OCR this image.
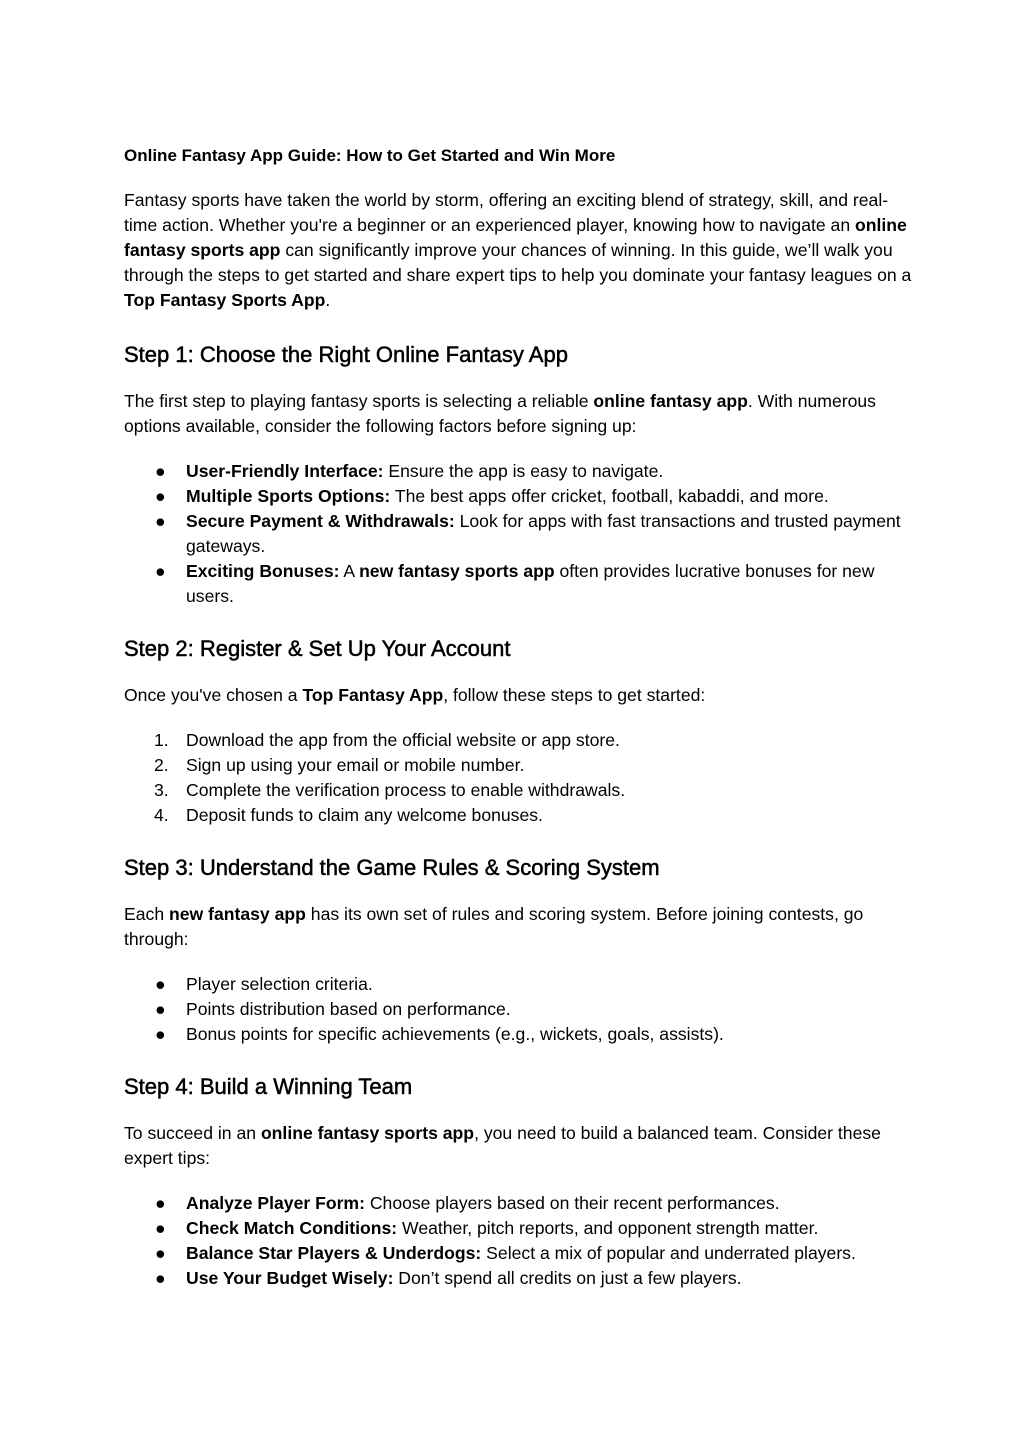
Online Fantasy App Guide: How to Get Started and Win More

Fantasy sports have taken the world by storm, offering an exciting blend of strategy, skill, and real-time action. Whether you're a beginner or an experienced player, knowing how to navigate an online fantasy sports app can significantly improve your chances of winning. In this guide, we’ll walk you through the steps to get started and share expert tips to help you dominate your fantasy leagues on a Top Fantasy Sports App.

Step 1: Choose the Right Online Fantasy App

The first step to playing fantasy sports is selecting a reliable online fantasy app. With numerous options available, consider the following factors before signing up:

● User-Friendly Interface: Ensure the app is easy to navigate.
● Multiple Sports Options: The best apps offer cricket, football, kabaddi, and more.
● Secure Payment & Withdrawals: Look for apps with fast transactions and trusted payment gateways.
● Exciting Bonuses: A new fantasy sports app often provides lucrative bonuses for new users.
Step 2: Register & Set Up Your Account

Once you've chosen a Top Fantasy App, follow these steps to get started:

1. Download the app from the official website or app store.
2. Sign up using your email or mobile number.
3. Complete the verification process to enable withdrawals.
4. Deposit funds to claim any welcome bonuses.
Step 3: Understand the Game Rules & Scoring System

Each new fantasy app has its own set of rules and scoring system. Before joining contests, go through:

● Player selection criteria.
● Points distribution based on performance.
● Bonus points for specific achievements (e.g., wickets, goals, assists).
Step 4: Build a Winning Team

To succeed in an online fantasy sports app, you need to build a balanced team. Consider these expert tips:

● Analyze Player Form: Choose players based on their recent performances.
● Check Match Conditions: Weather, pitch reports, and opponent strength matter.
● Balance Star Players & Underdogs: Select a mix of popular and underrated players.
● Use Your Budget Wisely: Don’t spend all credits on just a few players.
